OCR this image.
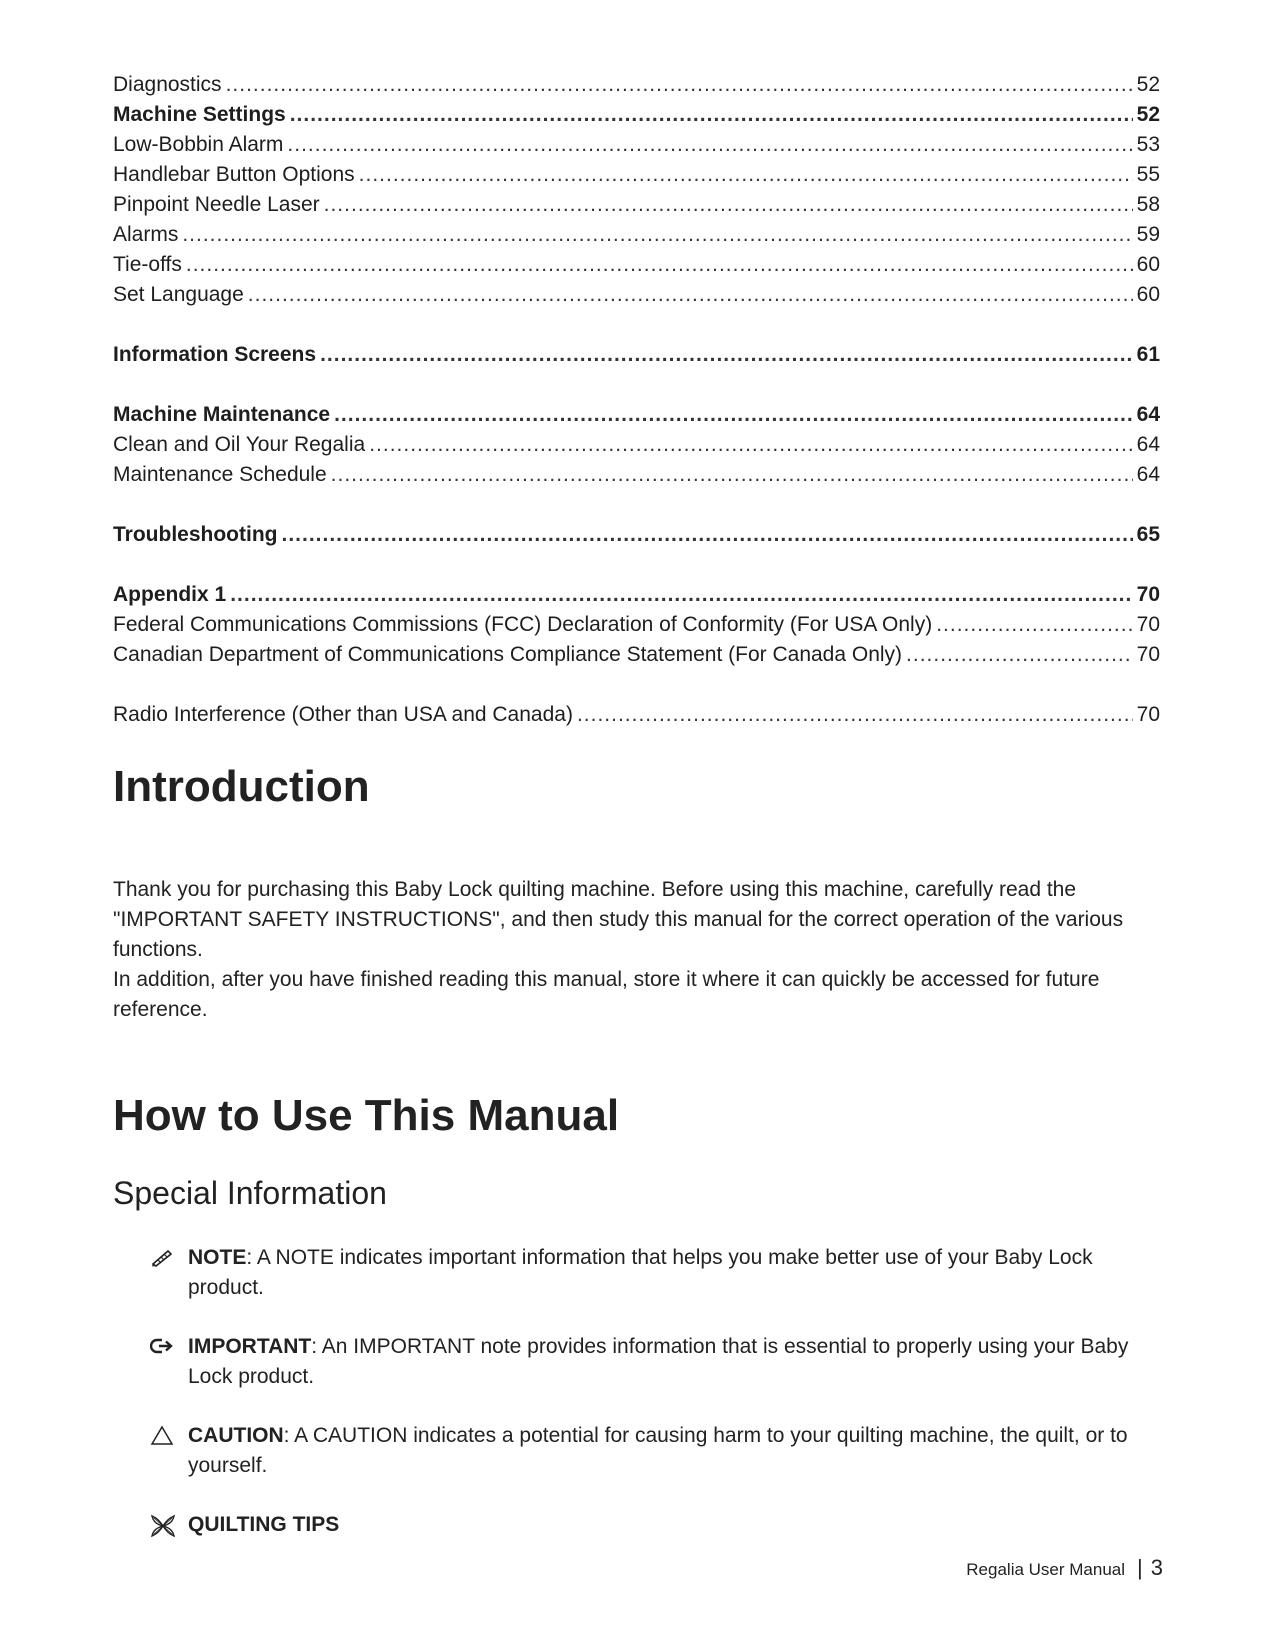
Diagnostics .....	52
Machine Settings .....	52
Low-Bobbin Alarm .....	53
Handlebar Button Options .....	55
Pinpoint Needle Laser .....	58
Alarms .....	59
Tie-offs .....	60
Set Language .....	60
Information Screens .....	61
Machine Maintenance .....	64
Clean and Oil Your Regalia .....	64
Maintenance Schedule .....	64
Troubleshooting .....	65
Appendix 1 .....	70
Federal Communications Commissions (FCC) Declaration of Conformity (For USA Only) .....	70
Canadian Department of Communications Compliance Statement (For Canada Only) .....	70
Radio Interference (Other than USA and Canada) .....	70
Introduction

Thank you for purchasing this Baby Lock quilting machine. Before using this machine, carefully read the "IMPORTANT SAFETY INSTRUCTIONS", and then study this manual for the correct operation of the various functions.

In addition, after you have finished reading this manual, store it where it can quickly be accessed for future reference.

How to Use This Manual
Special Information
NOTE: A NOTE indicates important information that helps you make better use of your Baby Lock product.
IMPORTANT: An IMPORTANT note provides information that is essential to properly using your Baby Lock product.
CAUTION: A CAUTION indicates a potential for causing harm to your quilting machine, the quilt, or to yourself.
QUILTING TIPS
Regalia User Manual | 3
